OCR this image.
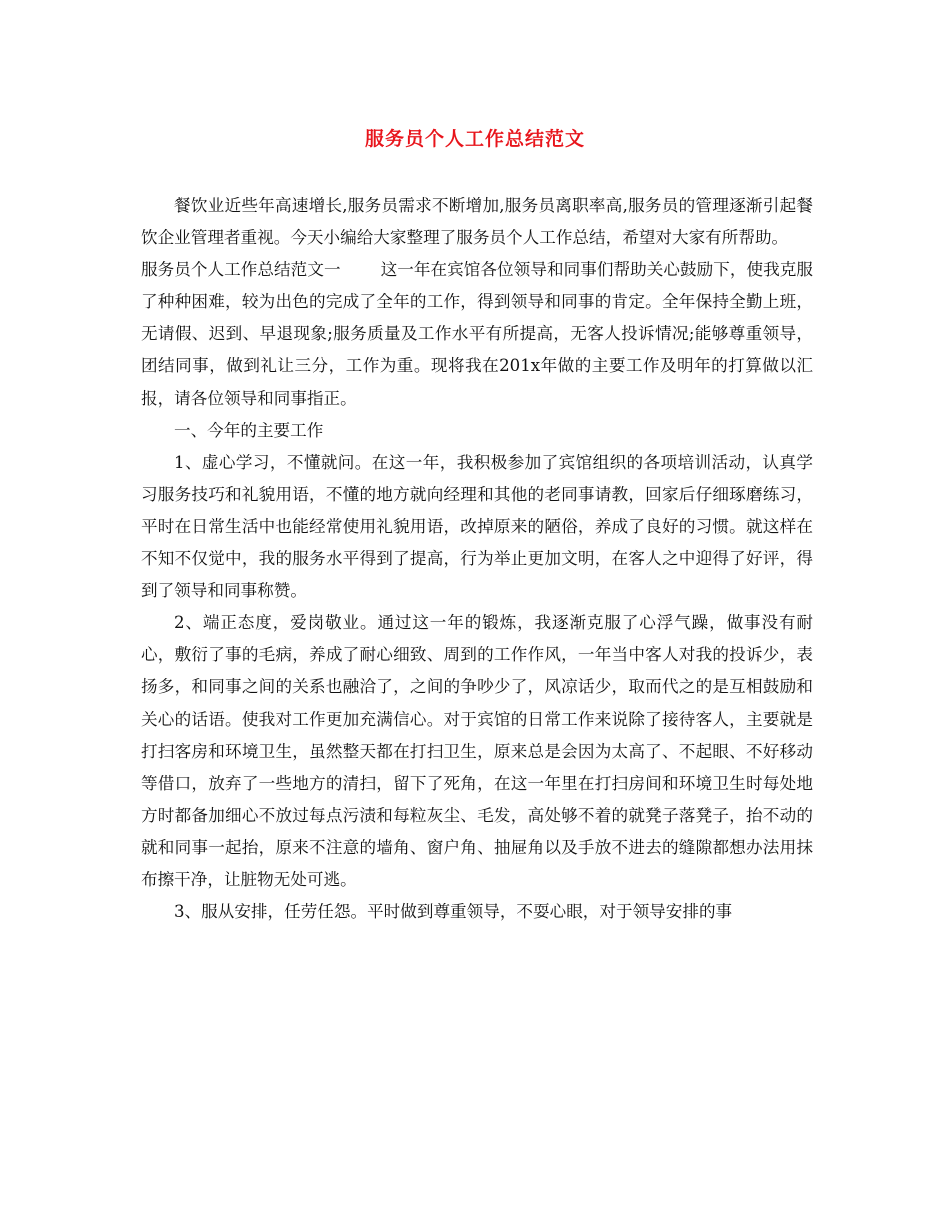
服务员个人工作总结范文

餐饮业近些年高速增长,服务员需求不断增加,服务员离职率高,服务员的管理逐渐引起餐饮企业管理者重视。今天小编给大家整理了服务员个人工作总结，希望对大家有所帮助。

服务员个人工作总结范文一 这一年在宾馆各位领导和同事们帮助关心鼓励下，使我克服了种种困难，较为出色的完成了全年的工作，得到领导和同事的肯定。全年保持全勤上班，无请假、迟到、早退现象;服务质量及工作水平有所提高，无客人投诉情况;能够尊重领导，团结同事，做到礼让三分，工作为重。现将我在201x年做的主要工作及明年的打算做以汇报，请各位领导和同事指正。

一、今年的主要工作

1、虚心学习，不懂就问。在这一年，我积极参加了宾馆组织的各项培训活动，认真学习服务技巧和礼貌用语，不懂的地方就向经理和其他的老同事请教，回家后仔细琢磨练习，平时在日常生活中也能经常使用礼貌用语，改掉原来的陋俗，养成了良好的习惯。就这样在不知不仅觉中，我的服务水平得到了提高，行为举止更加文明，在客人之中迎得了好评，得到了领导和同事称赞。

2、端正态度，爱岗敬业。通过这一年的锻炼，我逐渐克服了心浮气躁，做事没有耐心，敷衍了事的毛病，养成了耐心细致、周到的工作作风，一年当中客人对我的投诉少，表扬多，和同事之间的关系也融洽了，之间的争吵少了，风凉话少，取而代之的是互相鼓励和关心的话语。使我对工作更加充满信心。对于宾馆的日常工作来说除了接待客人，主要就是打扫客房和环境卫生，虽然整天都在打扫卫生，原来总是会因为太高了、不起眼、不好移动等借口，放弃了一些地方的清扫，留下了死角，在这一年里在打扫房间和环境卫生时每处地方时都备加细心不放过每点污渍和每粒灰尘、毛发，高处够不着的就凳子落凳子，抬不动的就和同事一起抬，原来不注意的墙角、窗户角、抽屉角以及手放不进去的缝隙都想办法用抹布擦干净，让脏物无处可逃。

3、服从安排，任劳任怨。平时做到尊重领导，不耍心眼，对于领导安排的事
